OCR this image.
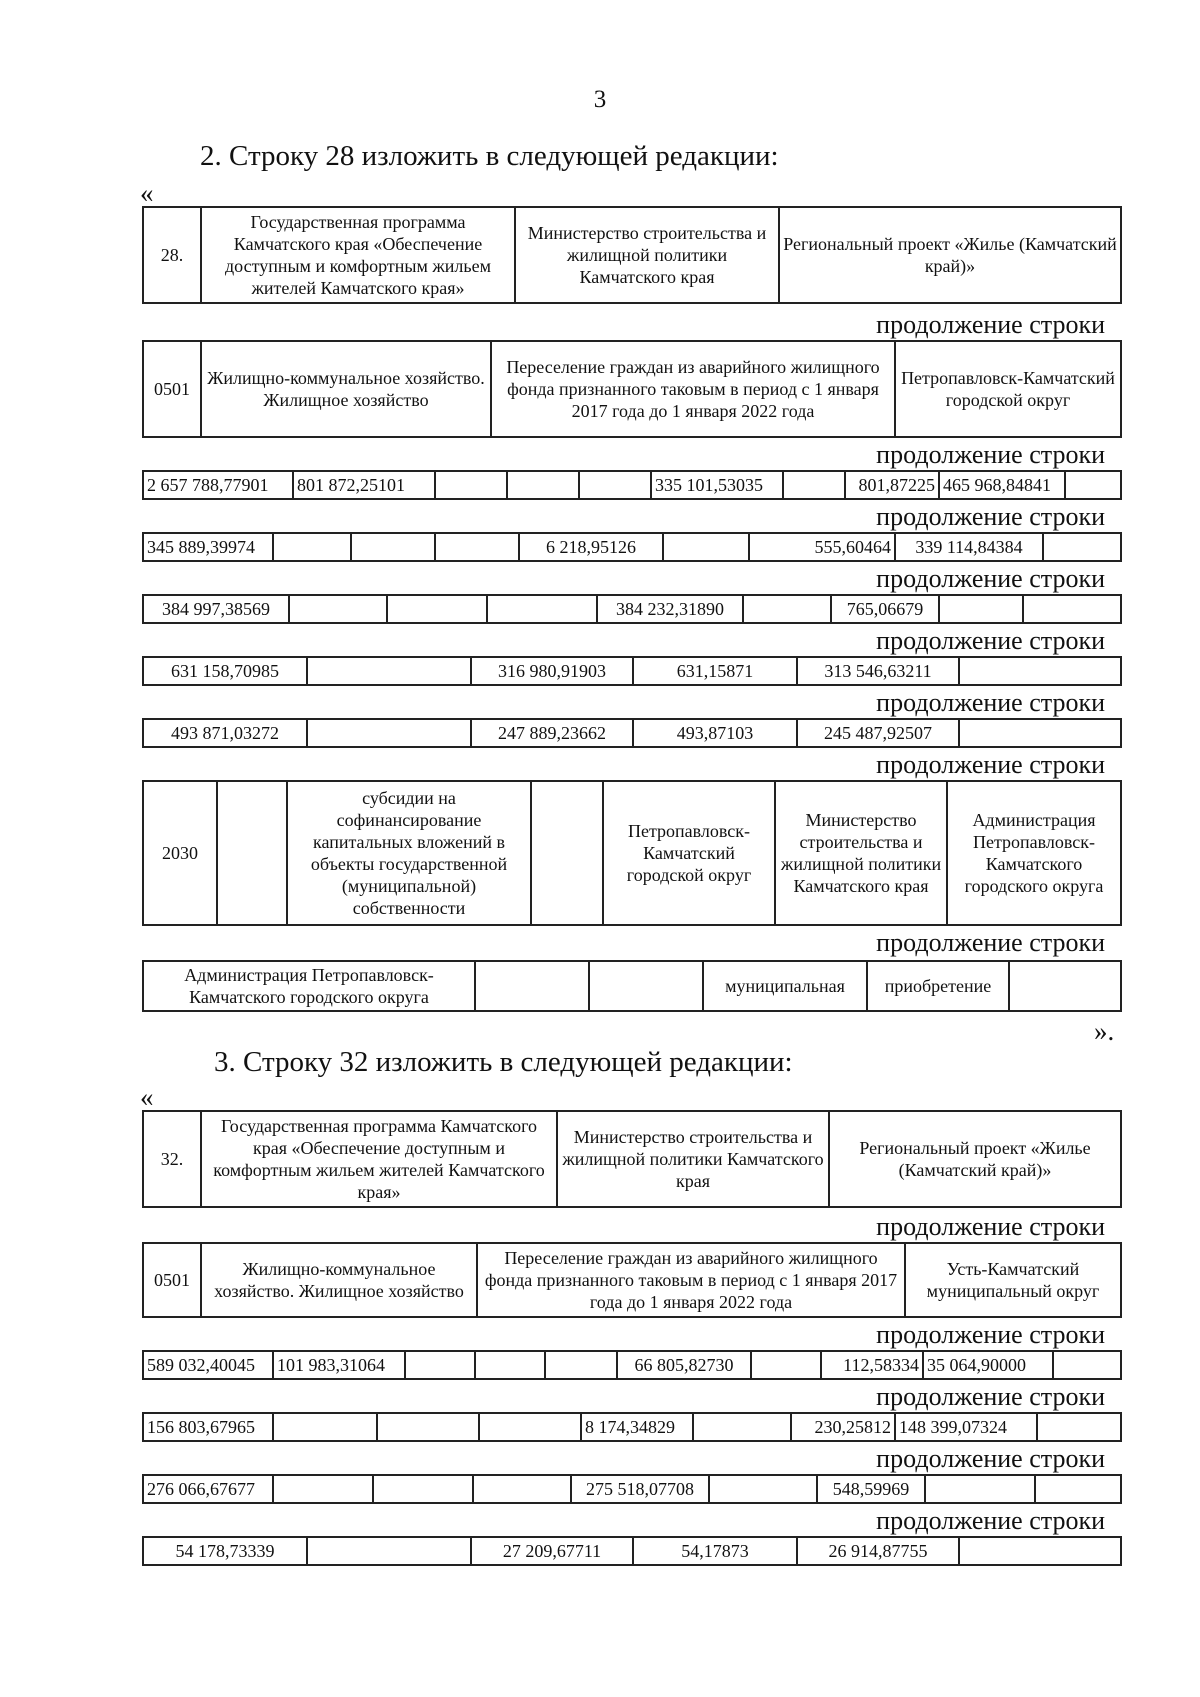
3
2. Строку 28 изложить в следующей редакции:
«
28.	Государственная программа Камчатского края «Обеспечение доступным и комфортным жильем жителей Камчатского края»	Министерство строительства и жилищной политики Камчатского края	Региональный проект «Жилье (Камчатский край)»
продолжение строки
0501	Жилищно-коммунальное хозяйство. Жилищное хозяйство	Переселение граждан из аварийного жилищного фонда признанного таковым в период с 1 января 2017 года до 1 января 2022 года	Петропавловск-Камчатский городской округ
продолжение строки
2 657 788,77901	801 872,25101				335 101,53035		801,87225	465 968,84841	
продолжение строки
345 889,39974				6 218,95126		555,60464	339 114,84384	
продолжение строки
384 997,38569				384 232,31890		765,06679		
продолжение строки
631 158,70985		316 980,91903	631,15871	313 546,63211	
продолжение строки
493 871,03272		247 889,23662	493,87103	245 487,92507	
продолжение строки
2030		субсидии на софинансирование капитальных вложений в объекты государственной (муниципальной) собственности		Петропавловск-Камчатский городской округ	Министерство строительства и жилищной политики Камчатского края	Администрация Петропавловск-Камчатского городского округа
продолжение строки
Администрация Петропавловск-Камчатского городского округа			муниципальная	приобретение	
».
3. Строку 32 изложить в следующей редакции:
«
32.	Государственная программа Камчатского края «Обеспечение доступным и комфортным жильем жителей Камчатского края»	Министерство строительства и жилищной политики Камчатского края	Региональный проект «Жилье (Камчатский край)»
продолжение строки
0501	Жилищно-коммунальное хозяйство. Жилищное хозяйство	Переселение граждан из аварийного жилищного фонда признанного таковым в период с 1 января 2017 года до 1 января 2022 года	Усть-Камчатский муниципальный округ
продолжение строки
589 032,40045	101 983,31064				66 805,82730		112,58334	35 064,90000	
продолжение строки
156 803,67965				8 174,34829		230,25812	148 399,07324	
продолжение строки
276 066,67677				275 518,07708		548,59969		
продолжение строки
54 178,73339		27 209,67711	54,17873	26 914,87755	
